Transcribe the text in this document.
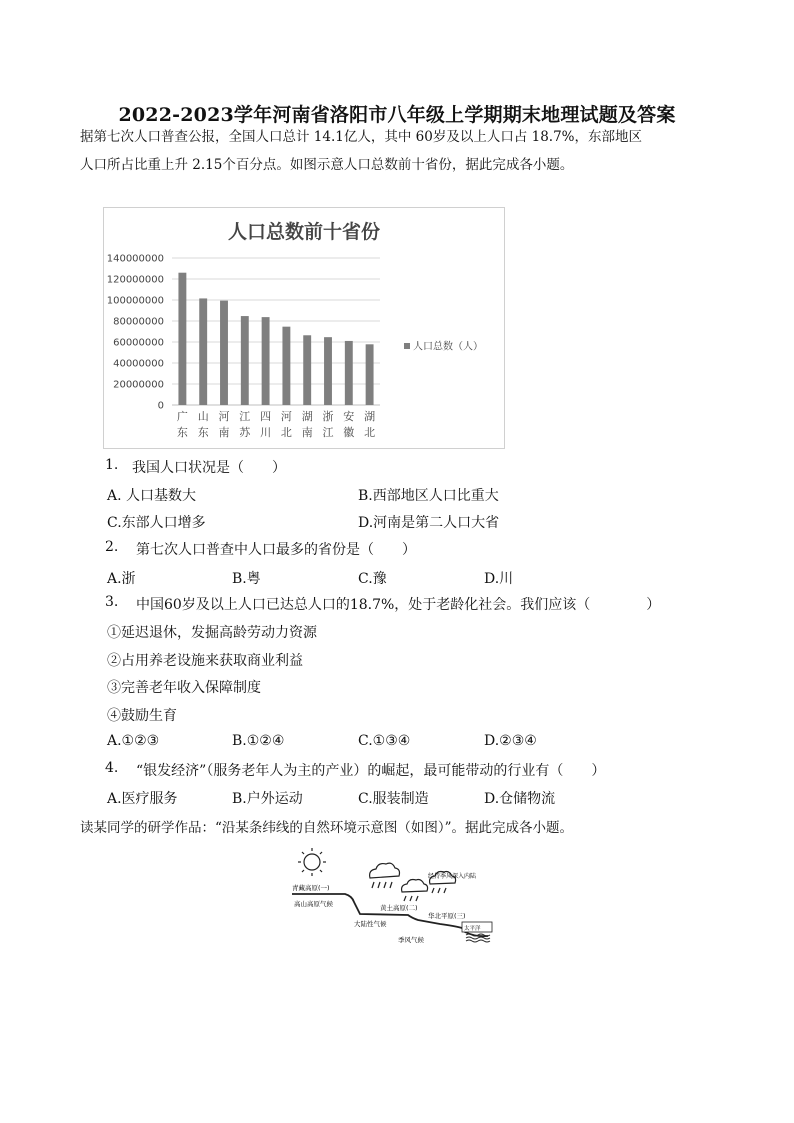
2022-2023学年河南省洛阳市八年级上学期期末地理试题及答案
据第七次人口普查公报，全国人口总计 14.1亿人，其中 60岁及以上人口占 18.7%，东部地区
人口所占比重上升 2.15个百分点。如图示意人口总数前十省份，据此完成各小题。
人口总数前十省份
0
20000000
40000000
60000000
80000000
100000000
120000000
140000000
广
东
山
东
河
南
江
苏
四
川
河
北
湖
南
浙
江
安
徽
湖
北
人口总数（人）
1. 我国人口状况是（　　）
A. 人口基数大	B.西部地区人口比重大
C.东部人口增多	D.河南是第二人口大省
2. 第七次人口普查中人口最多的省份是（　　）
A.浙	B.粤	C.豫	D.川
3. 中国60岁及以上人口已达总人口的18.7%，处于老龄化社会。我们应该（　　　　）
①延迟退休，发掘高龄劳动力资源
②占用养老设施来获取商业利益
③完善老年收入保障制度
④鼓励生育
A.①②③	B.①②④	C.①③④	D.②③④
4. “银发经济”（服务老年人为主的产业）的崛起，最可能带动的行业有（　　）
A.医疗服务	B.户外运动	C.服装制造	D.仓储物流
读某同学的研学作品：“沿某条纬线的自然环境示意图（如图）”。据此完成各小题。
青藏高原(一)
高山高原气候	黄土高原(二)
大陆性气候
华北平原(三)
太平洋
季风气候
经持季风深入内陆
